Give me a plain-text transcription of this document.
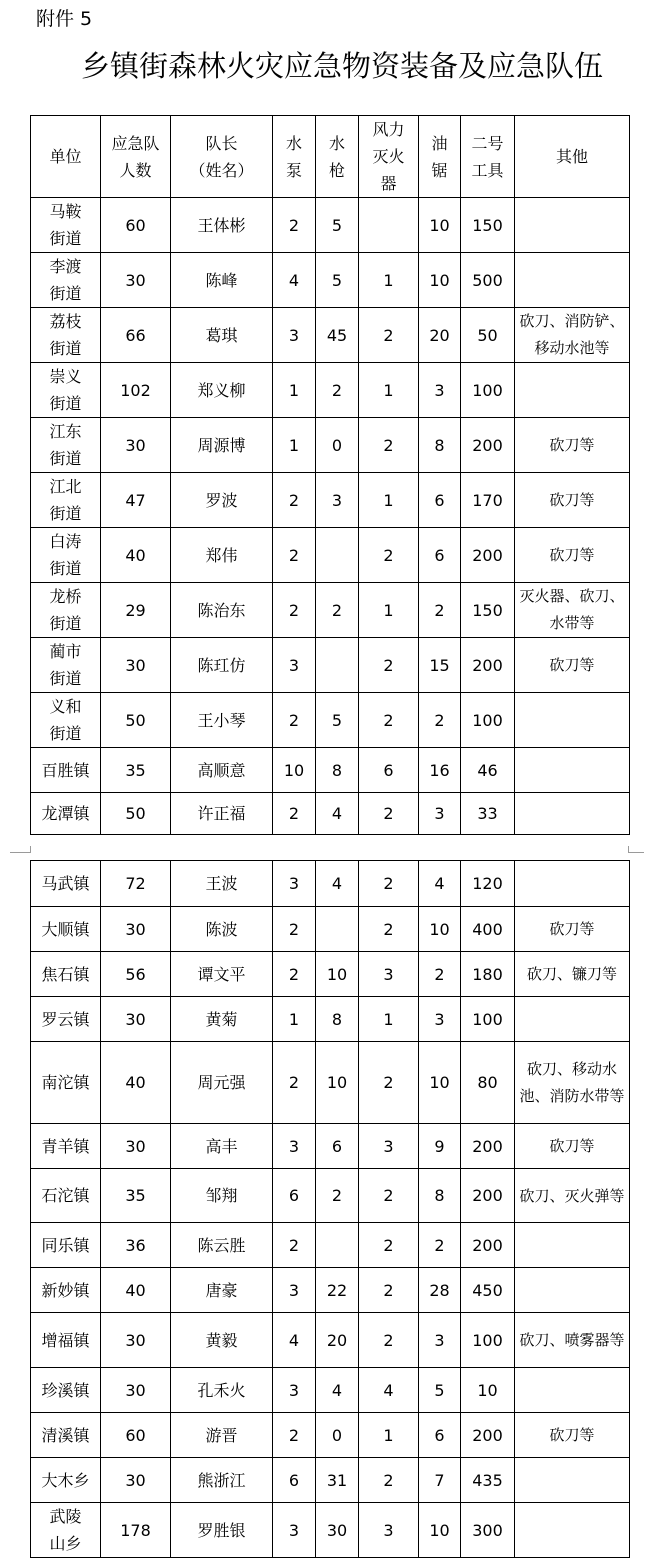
附件 5
乡镇街森林火灾应急物资装备及应急队伍
单位	应急队人数	队长（姓名）	水泵	水枪	风力灭火器	油锯	二号工具	其他
马鞍街道	60	王体彬	2	5		10	150	
李渡街道	30	陈峰	4	5	1	10	500	
荔枝街道	66	葛琪	3	45	2	20	50	砍刀、消防铲、移动水池等
崇义街道	102	郑义柳	1	2	1	3	100	
江东街道	30	周源博	1	0	2	8	200	砍刀等
江北街道	47	罗波	2	3	1	6	170	砍刀等
白涛街道	40	郑伟	2		2	6	200	砍刀等
龙桥街道	29	陈治东	2	2	1	2	150	灭火器、砍刀、水带等
蔺市街道	30	陈玒仿	3		2	15	200	砍刀等
义和街道	50	王小琴	2	5	2	2	100	
百胜镇	35	高顺意	10	8	6	16	46	
龙潭镇	50	许正福	2	4	2	3	33	
马武镇	72	王波	3	4	2	4	120	
大顺镇	30	陈波	2		2	10	400	砍刀等
焦石镇	56	谭文平	2	10	3	2	180	砍刀、镰刀等
罗云镇	30	黄菊	1	8	1	3	100	
南沱镇	40	周元强	2	10	2	10	80	砍刀、移动水池、消防水带等
青羊镇	30	高丰	3	6	3	9	200	砍刀等
石沱镇	35	邹翔	6	2	2	8	200	砍刀、灭火弹等
同乐镇	36	陈云胜	2		2	2	200	
新妙镇	40	唐豪	3	22	2	28	450	
增福镇	30	黄毅	4	20	2	3	100	砍刀、喷雾器等
珍溪镇	30	孔禾火	3	4	4	5	10	
清溪镇	60	游晋	2	0	1	6	200	砍刀等
大木乡	30	熊浙江	6	31	2	7	435	
武陵山乡	178	罗胜银	3	30	3	10	300	
